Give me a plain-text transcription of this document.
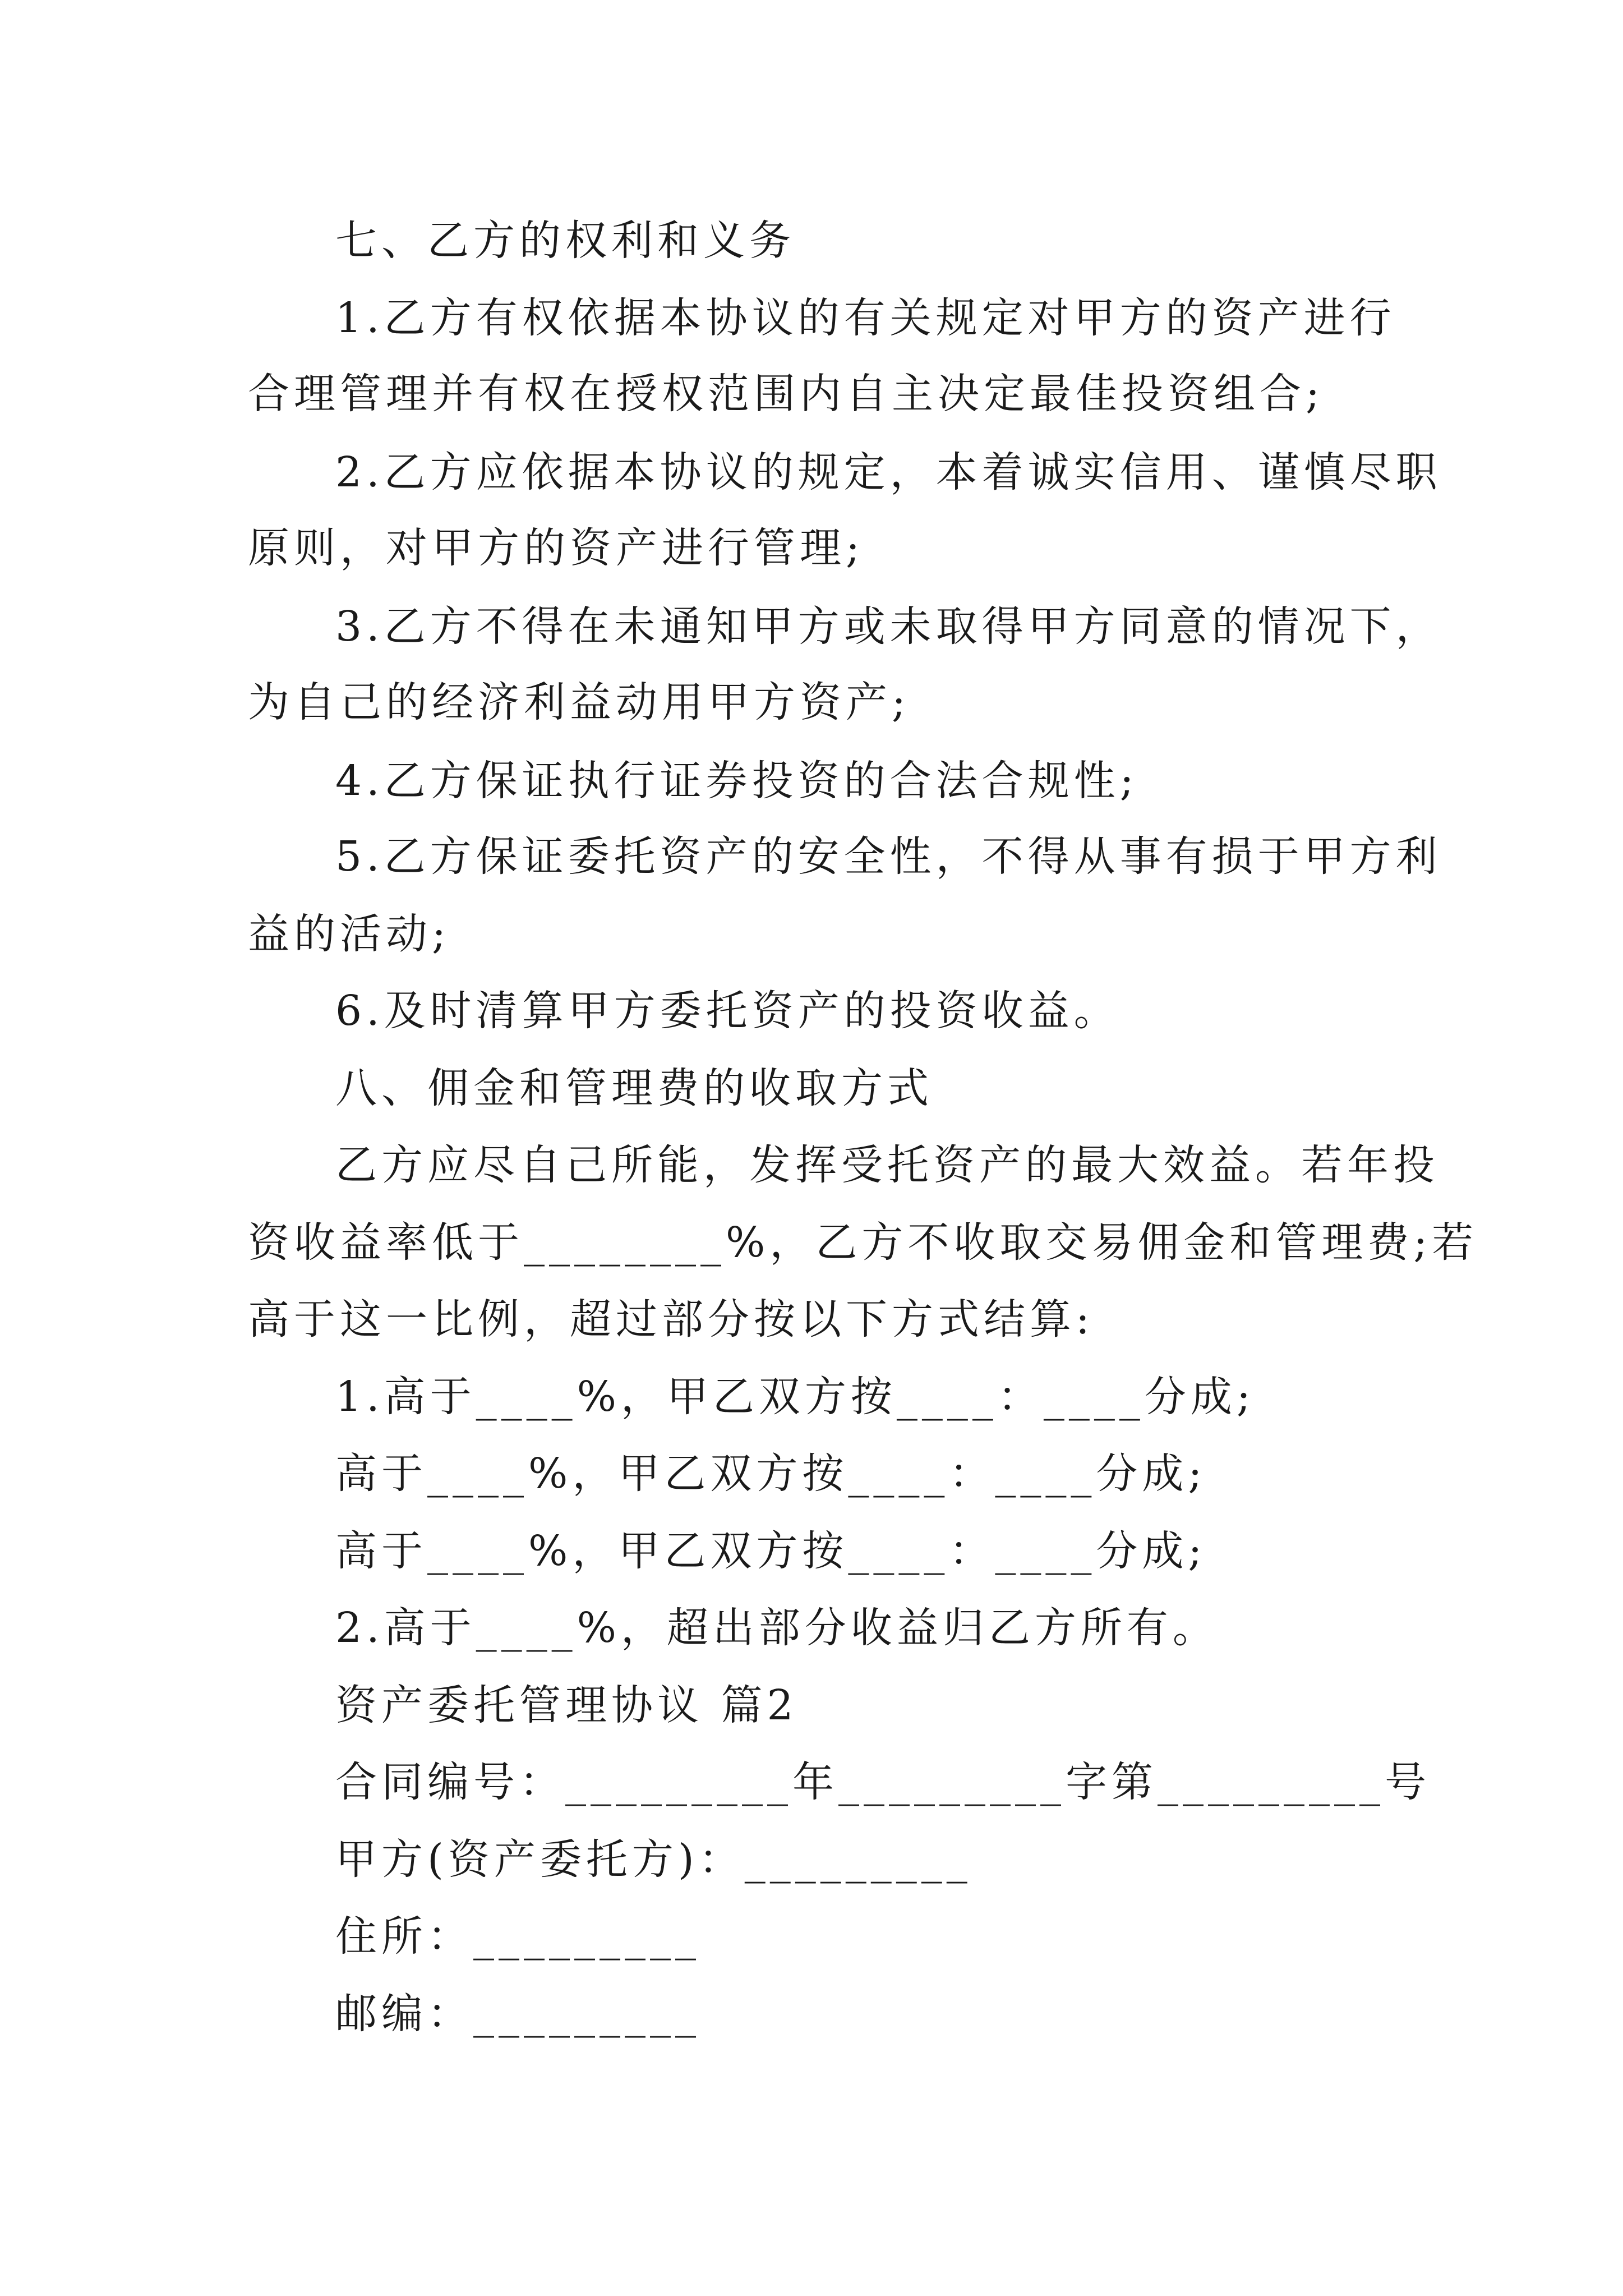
七、乙方的权利和义务
1.乙方有权依据本协议的有关规定对甲方的资产进行
合理管理并有权在授权范围内自主决定最佳投资组合;
2.乙方应依据本协议的规定，本着诚实信用、谨慎尽职
原则，对甲方的资产进行管理;
3.乙方不得在未通知甲方或未取得甲方同意的情况下，
为自己的经济利益动用甲方资产;
4.乙方保证执行证券投资的合法合规性;
5.乙方保证委托资产的安全性，不得从事有损于甲方利
益的活动;
6.及时清算甲方委托资产的投资收益。
八、佣金和管理费的收取方式
乙方应尽自己所能，发挥受托资产的最大效益。若年投
资收益率低于________%，乙方不收取交易佣金和管理费;若
高于这一比例，超过部分按以下方式结算:
1.高于____%，甲乙双方按____：____分成;
高于____%，甲乙双方按____：____分成;
高于____%，甲乙双方按____：____分成;
2.高于____%，超出部分收益归乙方所有。
资产委托管理协议 篇2
合同编号：_________年_________字第_________号
甲方(资产委托方)：_________
住所：_________
邮编：_________
